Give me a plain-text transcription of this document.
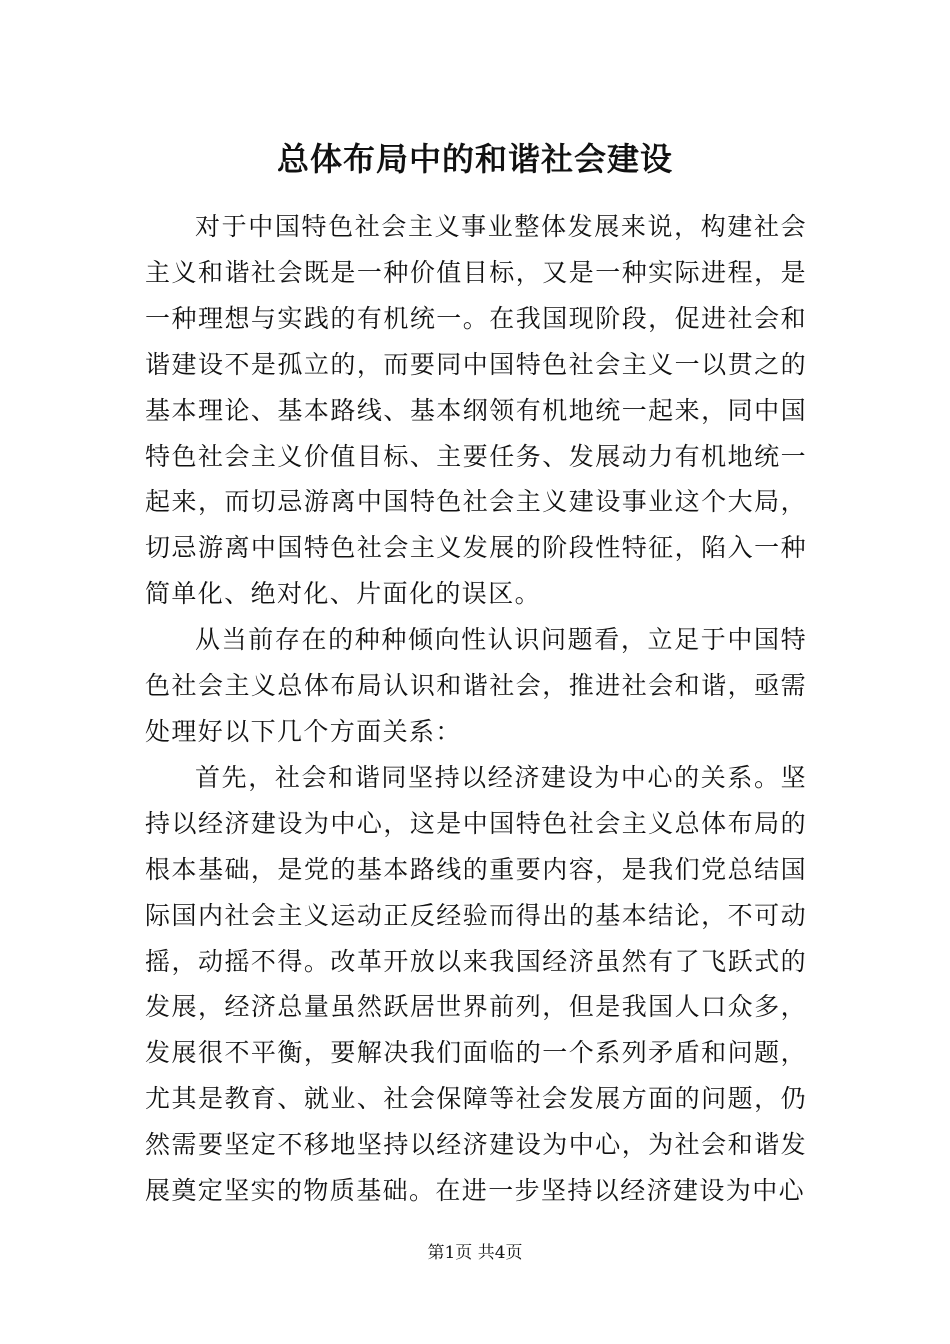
总体布局中的和谐社会建设

对于中国特色社会主义事业整体发展来说，构建社会主义和谐社会既是一种价值目标，又是一种实际进程，是一种理想与实践的有机统一。在我国现阶段，促进社会和谐建设不是孤立的，而要同中国特色社会主义一以贯之的基本理论、基本路线、基本纲领有机地统一起来，同中国特色社会主义价值目标、主要任务、发展动力有机地统一起来，而切忌游离中国特色社会主义建设事业这个大局，切忌游离中国特色社会主义发展的阶段性特征，陷入一种简单化、绝对化、片面化的误区。

从当前存在的种种倾向性认识问题看，立足于中国特色社会主义总体布局认识和谐社会，推进社会和谐，亟需处理好以下几个方面关系：

首先，社会和谐同坚持以经济建设为中心的关系。坚持以经济建设为中心，这是中国特色社会主义总体布局的根本基础，是党的基本路线的重要内容，是我们党总结国际国内社会主义运动正反经验而得出的基本结论，不可动摇，动摇不得。改革开放以来我国经济虽然有了飞跃式的发展，经济总量虽然跃居世界前列，但是我国人口众多，发展很不平衡，要解决我们面临的一个系列矛盾和问题，尤其是教育、就业、社会保障等社会发展方面的问题，仍然需要坚定不移地坚持以经济建设为中心，为社会和谐发展奠定坚实的物质基础。在进一步坚持以经济建设为中心

第1页 共4页
